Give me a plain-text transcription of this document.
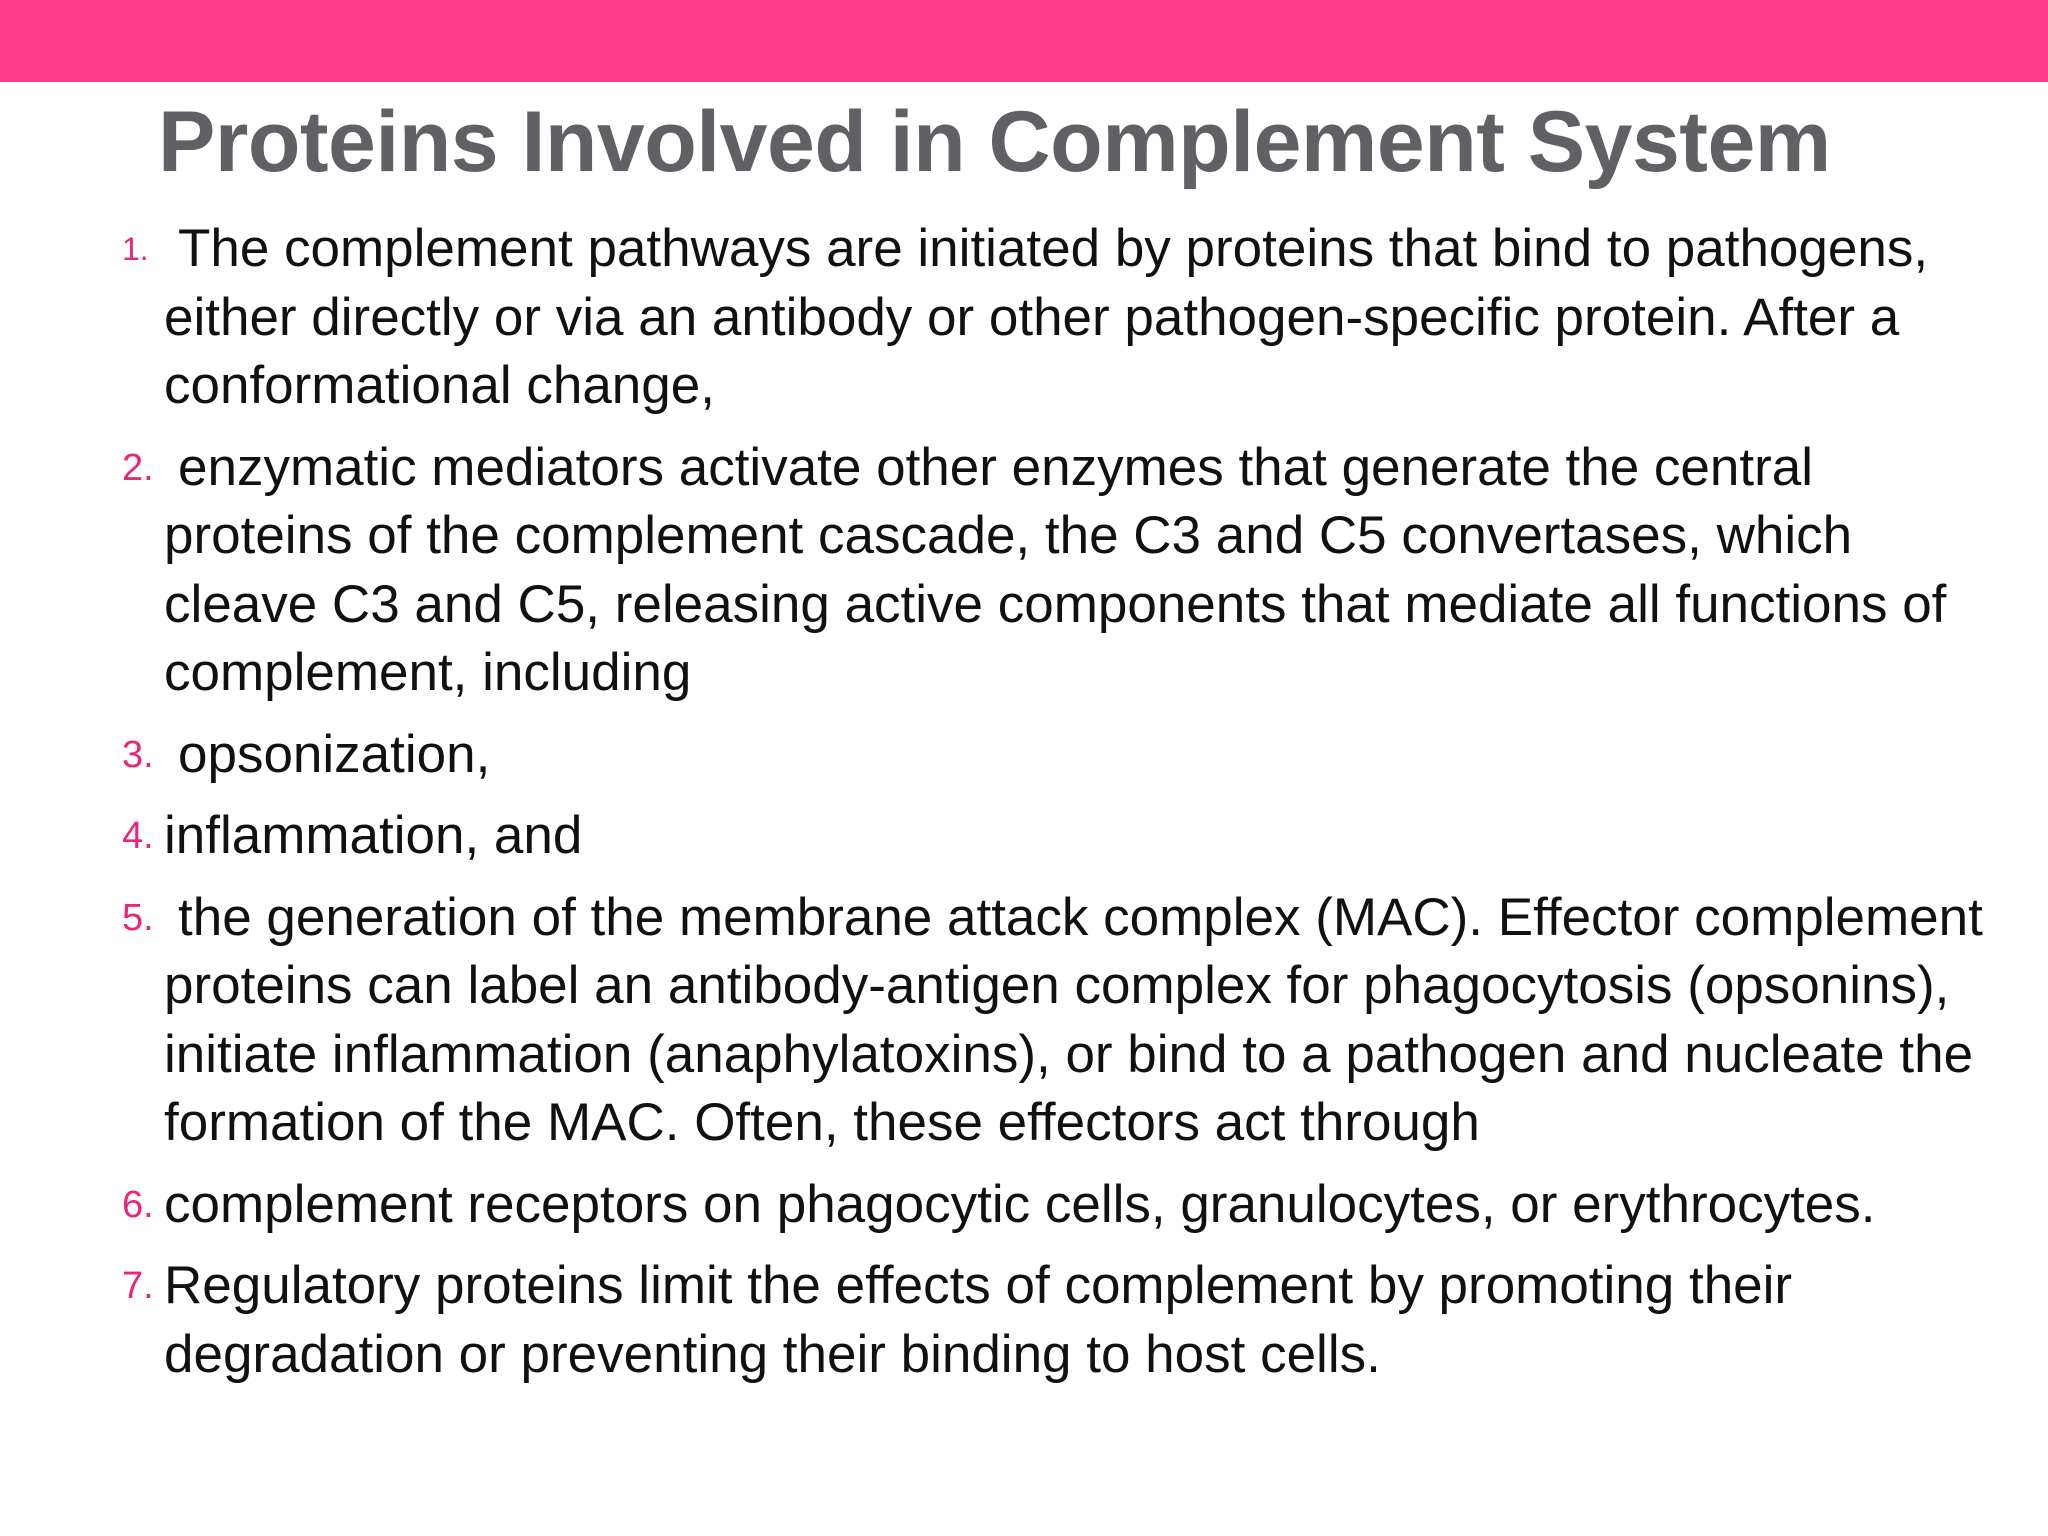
Proteins Involved in Complement System
1. The complement pathways are initiated by proteins that bind to pathogens, either directly or via an antibody or other pathogen-specific protein. After a conformational change,
2. enzymatic mediators activate other enzymes that generate the central proteins of the complement cascade, the C3 and C5 convertases, which cleave C3 and C5, releasing active components that mediate all functions of complement, including
3. opsonization,
4. inflammation, and
5. the generation of the membrane attack complex (MAC). Effector complement proteins can label an antibody-antigen complex for phagocytosis (opsonins), initiate inflammation (anaphylatoxins), or bind to a pathogen and nucleate the formation of the MAC. Often, these effectors act through
6. complement receptors on phagocytic cells, granulocytes, or erythrocytes.
7. Regulatory proteins limit the effects of complement by promoting their degradation or preventing their binding to host cells.
